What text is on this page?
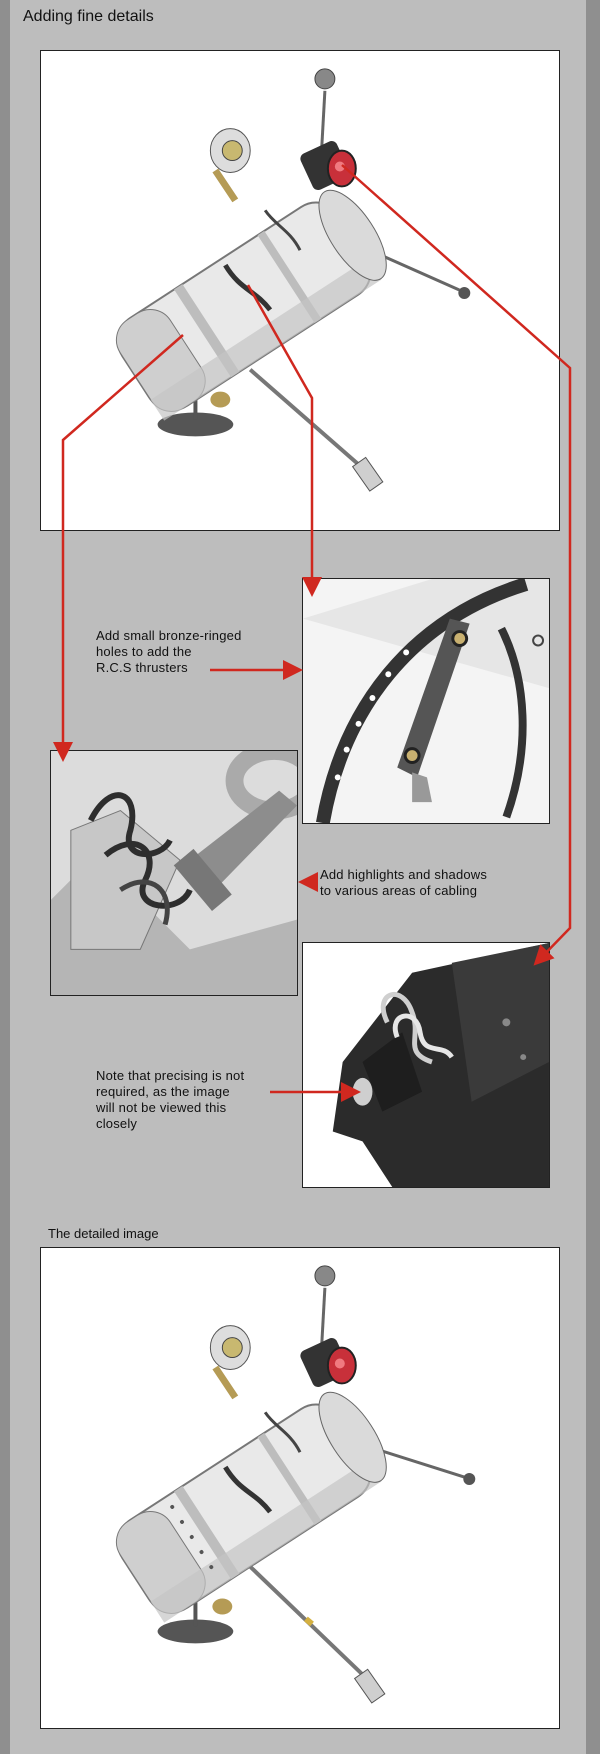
Adding fine details

Add small bronze-ringed
holes to add the
R.C.S thrusters

Add highlights and shadows
to various areas of cabling

Note that precising is not
required, as the image
will not be viewed this
closely

The detailed image
